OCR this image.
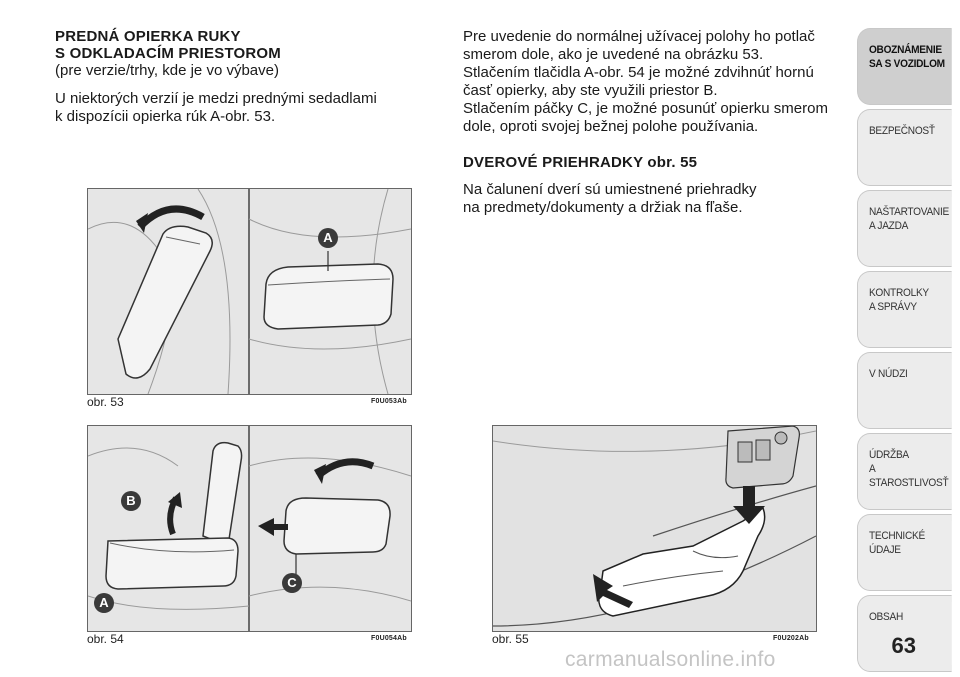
PREDNÁ OPIERKA RUKY

S ODKLADACÍM PRIESTOROM

(pre verzie/trhy, kde je vo výbave)

U niektorých verzií je medzi prednými sedadlami

k dispozícii opierka rúk A-obr. 53.

Pre uvedenie do normálnej užívacej polohy ho potlač

smerom dole, ako je uvedené na obrázku 53.

Stlačením tlačidla A-obr. 54 je možné zdvihnúť hornú

časť opierky, aby ste využili priestor B.

Stlačením páčky C, je možné posunúť opierku smerom

dole, oproti svojej bežnej polohe používania.

DVEROVÉ PRIEHRADKY obr. 55

Na čalunení dverí sú umiestnené priehradky

na predmety/dokumenty a držiak na fľaše.

A
obr. 53	F0U053Ab
B
A
C
obr. 54	F0U054Ab	obr. 55	F0U202Ab
OBOZNÁMENIE
SA S VOZIDLOM
BEZPEČNOSŤ
NAŠTARTOVANIE
A JAZDA
KONTROLKY
A SPRÁVY
V NÚDZI
ÚDRŽBA
A STAROSTLIVOSŤ
TECHNICKÉ
ÚDAJE
OBSAH
63
carmanualsonline.info
